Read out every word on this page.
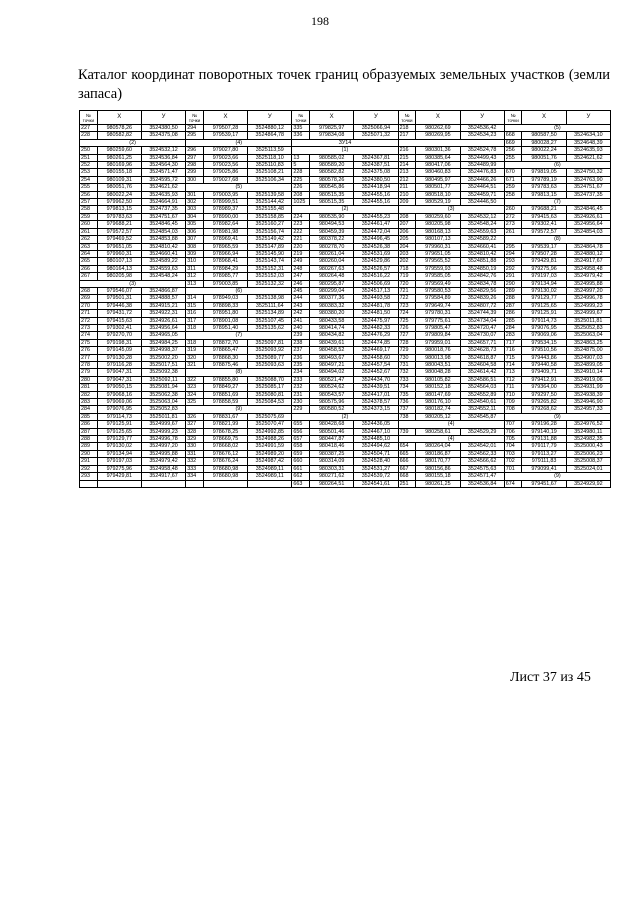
198
Каталог координат поворотных точек границ образуемых земельных участков (земли запаса)
№ точки	X	У	№ точки	X	У	№ точки	X	У	№ точки	X	У	№ точки	X	У
227	980578,26	3524380,50	294	979507,28	3524880,12	335	979825,97	3525066,94	218	980262,69	3524536,42	(5)		
228	980582,82	3524375,08	295	979539,17	3524864,78	336	979834,08	3525071,32	217	980269,95	3524534,23	668	980587,50	3524634,10
(2)			(4)			ЗУ14						669	980028,27	3524648,39
250	980259,60	3524532,12	296	979027,80	3525113,59	(1)			216	980301,36	3524524,78	256	980022,24	3524635,93
251	980261,25	3524536,84	297	979023,66	3525118,10	13	980585,02	3524367,81	215	980385,64	3524499,43	255	980051,76	3524621,62
252	980169,96	3524564,30	298	979023,56	3525110,83	5	980589,20	3524387,51	214	980417,06	3524489,99	(6)		
253	980155,18	3524571,47	299	979025,86	3525108,21	228	980582,82	3524375,08	213	980460,83	3524476,83	670	979819,05	3524750,32
254	980109,31	3524595,72	300	979027,68	3525106,34	225	980578,26	3524380,50	212	980495,97	3524466,26	671	979789,19	3524763,90
255	980051,76	3524621,62	(5)			226	980545,86	3524418,94	211	980501,77	3524464,51	259	979783,63	3524751,67
256	980022,24	3524635,93	301	979003,95	3525139,58	208	980515,35	3524455,16	210	980518,10	3524459,71	258	979813,15	3524737,35
257	979962,50	3524664,91	302	978999,51	3525144,42	1025	980515,35	3524455,16	209	980529,19	3524446,50	(7)		
258	979813,15	3524737,35	303	978989,37	3525155,48	(2)			(3)			260	979688,21	3524846,45
259	979783,63	3524751,67	304	978990,00	3525158,85	224	980535,90	3524455,23	208	980259,60	3524532,12	272	979415,63	3524926,61
260	979688,21	3524846,45	305	978982,64	3525160,27	223	980494,53	3524461,47	207	980205,98	3524548,24	273	979302,41	3524956,64
261	979572,57	3524854,03	306	978981,98	3525156,74	222	980459,39	3524472,04	206	980168,13	3524559,63	261	979572,57	3524854,03
262	979469,52	3524853,88	307	978969,41	3525149,42	221	980378,22	3524496,45	205	980107,13	3524589,22	(8)		
263	979651,05	3524810,42	308	978965,59	3525147,89	220	980278,70	3524526,38	204	979960,31	3524660,41	295	979539,17	3524864,78
264	979960,31	3524660,41	309	978966,94	3525145,90	219	980261,04	3524531,69	203	979651,05	3524810,42	294	979507,28	3524880,12
265	980107,13	3524589,22	310	978968,41	3525143,74	249	980260,04	3524529,86	202	979565,52	3524851,88	293	979429,81	3524917,67
266	980164,13	3524559,63	311	978984,29	3525152,31	248	980267,63	3524526,57	718	979559,93	3524850,19	292	979275,96	3524958,48
267	980205,98	3524548,24	312	978985,77	3525152,03	247	980264,48	3524516,22	719	979585,05	3524842,76	291	979197,03	3524979,42
(3)			313	979003,85	3525132,32	246	980295,87	3524506,69	720	979569,49	3524834,78	290	979134,94	3524995,88
268	979546,07	3524866,87	(6)			245	980299,04	3524517,13	721	979580,53	3524829,56	289	979130,02	3524997,20
269	979501,31	3524888,57	314	978949,03	3525138,98	244	980377,36	3524493,58	722	979584,89	3524839,26	288	979129,77	3524996,78
270	979446,38	3524915,21	315	978898,33	3525111,64	243	980383,32	3524481,78	723	979649,74	3524807,72	287	979125,65	3524999,23
271	979431,72	3524922,31	316	978951,80	3525134,89	242	980380,20	3524481,50	724	979780,31	3524744,39	286	979125,91	3524999,67
272	979415,63	3524926,61	317	978901,08	3525107,45	241	980433,58	3524475,97	725	979775,61	3524734,04	285	979114,73	3525011,81
273	979302,41	3524956,64	318	978951,40	3525135,62	240	980414,74	3524482,33	726	979805,47	3524720,47	284	979076,95	3525052,83
274	979270,70	3524965,05	(7)			239	980434,82	3524476,29	727	979809,84	3524730,07	283	979069,06	3525063,04
275	979198,31	3524984,25	318	978872,70	3525097,81	238	980439,61	3524474,85	728	979959,01	3524657,71	717	979534,15	3524863,25
276	979145,09	3524998,37	319	978865,47	3525093,92	237	980458,52	3524469,17	729	980018,76	3524628,73	716	979510,56	3524875,00
277	979130,28	3525002,20	320	978868,30	3525089,77	236	980493,67	3524458,60	730	980013,98	3524618,87	715	979443,86	3524907,03
278	979116,28	3525017,51	321	978875,46	3525093,63	235	980497,21	3524457,54	731	980043,51	3524604,58	714	979440,58	3524899,05
279	979047,31	3525092,38	(8)			234	980494,02	3524452,67	732	980048,28	3524614,42	713	979409,71	3524910,14
280	979047,31	3525092,11	322	978855,80	3525088,70	233	980521,47	3524434,70	733	980105,82	3524586,51	712	979412,91	3524919,06
281	979050,15	3525081,94	323	978849,27	3525085,17	232	980524,62	3524439,51	734	980152,18	3524564,03	711	979364,00	3524931,99
282	979068,16	3525062,38	324	978851,69	3525080,81	231	980543,57	3524417,01	735	980147,69	3524552,89	710	979297,50	3524938,39
283	979069,06	3525063,04	325	978858,59	3525084,53	230	980575,96	3524378,57	736	980176,10	3524540,61	709	979265,82	3524946,90
284	979076,95	3525052,83	(9)			229	980580,52	3524373,15	737	980182,74	3524552,11	708	979268,62	3524957,33
285	979114,73	3525011,81	326	978831,67	3525075,69	(2)			738	980205,12	3524545,87	(9)		
286	979125,91	3524999,67	327	978821,99	3525070,47	655	980428,68	3524436,05	(4)			707	979196,28	3524976,52
287	979125,65	3524999,23	328	978678,25	3524992,85	656	980501,46	3524467,10	739	980258,61	3524529,29	706	979140,19	3524980,11
288	979129,77	3524996,78	329	978669,75	3524988,26	657	980447,87	3524485,10	(4)			705	979131,88	3524982,35
289	979130,02	3524997,20	330	978668,02	3524991,59	658	980418,46	3524494,62	654	980264,04	3524542,01	704	979117,79	3525000,43
290	979134,94	3524995,88	331	978676,12	3524989,20	659	980387,25	3524504,71	665	980186,87	3524562,33	703	979113,27	3525006,23
291	979197,03	3524979,42	332	978676,24	3524987,42	660	980314,09	3524528,40	666	980170,77	3524566,62	702	979111,83	3525008,37
292	979275,96	3524958,48	333	978680,98	3524989,11	661	980303,31	3524531,27	667	980156,86	3524575,63	701	979099,41	3525024,01
293	979429,81	3524917,67	334	978680,98	3524989,11	662	980271,62	3524539,72	668	980155,18	3524571,47	(9)		
						663	980264,51	3524541,61	251	980261,25	3524536,84	674	979451,67	3524929,92
Лист 37 из 45
